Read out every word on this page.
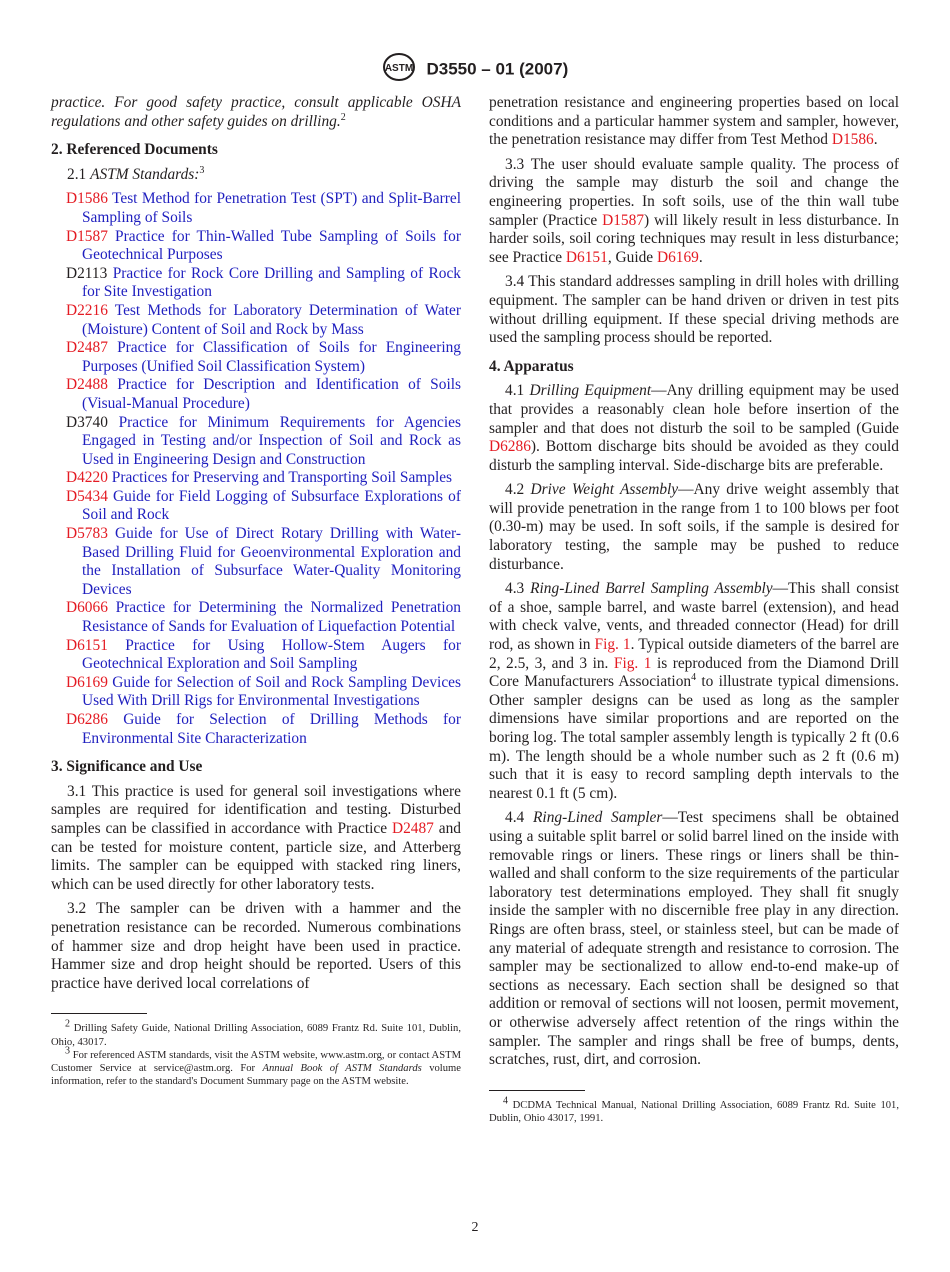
ASTM D3550 – 01 (2007)

practice. For good safety practice, consult applicable OSHA regulations and other safety guides on drilling.$^2$

2. Referenced Documents

2.1 ASTM Standards:$^3$

D1586 Test Method for Penetration Test (SPT) and Split-Barrel Sampling of Soils
D1587 Practice for Thin-Walled Tube Sampling of Soils for Geotechnical Purposes
D2113 Practice for Rock Core Drilling and Sampling of Rock for Site Investigation
D2216 Test Methods for Laboratory Determination of Water (Moisture) Content of Soil and Rock by Mass
D2487 Practice for Classification of Soils for Engineering Purposes (Unified Soil Classification System)
D2488 Practice for Description and Identification of Soils (Visual-Manual Procedure)
D3740 Practice for Minimum Requirements for Agencies Engaged in Testing and/or Inspection of Soil and Rock as Used in Engineering Design and Construction
D4220 Practices for Preserving and Transporting Soil Samples
D5434 Guide for Field Logging of Subsurface Explorations of Soil and Rock
D5783 Guide for Use of Direct Rotary Drilling with Water-Based Drilling Fluid for Geoenvironmental Exploration and the Installation of Subsurface Water-Quality Monitoring Devices
D6066 Practice for Determining the Normalized Penetration Resistance of Sands for Evaluation of Liquefaction Potential
D6151 Practice for Using Hollow-Stem Augers for Geotechnical Exploration and Soil Sampling
D6169 Guide for Selection of Soil and Rock Sampling Devices Used With Drill Rigs for Environmental Investigations
D6286 Guide for Selection of Drilling Methods for Environmental Site Characterization
3. Significance and Use

3.1 This practice is used for general soil investigations where samples are required for identification and testing. Disturbed samples can be classified in accordance with Practice D2487 and can be tested for moisture content, particle size, and Atterberg limits. The sampler can be equipped with stacked ring liners, which can be used directly for other laboratory tests.

3.2 The sampler can be driven with a hammer and the penetration resistance can be recorded. Numerous combinations of hammer size and drop height have been used in practice. Hammer size and drop height should be reported. Users of this practice have derived local correlations of

$^2$ Drilling Safety Guide, National Drilling Association, 6089 Frantz Rd. Suite 101, Dublin, Ohio, 43017.

$^3$ For referenced ASTM standards, visit the ASTM website, www.astm.org, or contact ASTM Customer Service at service@astm.org. For Annual Book of ASTM Standards volume information, refer to the standard's Document Summary page on the ASTM website.

penetration resistance and engineering properties based on local conditions and a particular hammer system and sampler, however, the penetration resistance may differ from Test Method D1586.

3.3 The user should evaluate sample quality. The process of driving the sample may disturb the soil and change the engineering properties. In soft soils, use of the thin wall tube sampler (Practice D1587) will likely result in less disturbance. In harder soils, soil coring techniques may result in less disturbance; see Practice D6151, Guide D6169.

3.4 This standard addresses sampling in drill holes with drilling equipment. The sampler can be hand driven or driven in test pits without drilling equipment. If these special driving methods are used the sampling process should be reported.

4. Apparatus

4.1 Drilling Equipment—Any drilling equipment may be used that provides a reasonably clean hole before insertion of the sampler and that does not disturb the soil to be sampled (Guide D6286). Bottom discharge bits should be avoided as they could disturb the sampling interval. Side-discharge bits are preferable.

4.2 Drive Weight Assembly—Any drive weight assembly that will provide penetration in the range from 1 to 100 blows per foot (0.30-m) may be used. In soft soils, if the sample is desired for laboratory testing, the sample may be pushed to reduce disturbance.

4.3 Ring-Lined Barrel Sampling Assembly—This shall consist of a shoe, sample barrel, and waste barrel (extension), and head with check valve, vents, and threaded connector (Head) for drill rod, as shown in Fig. 1. Typical outside diameters of the barrel are 2, 2.5, 3, and 3 in. Fig. 1 is reproduced from the Diamond Drill Core Manufacturers Association$^4$ to illustrate typical dimensions. Other sampler designs can be used as long as the sampler dimensions have similar proportions and are reported on the boring log. The total sampler assembly length is typically 2 ft (0.6 m). The length should be a whole number such as 2 ft (0.6 m) such that it is easy to record sampling depth intervals to the nearest 0.1 ft (5 cm).

4.4 Ring-Lined Sampler—Test specimens shall be obtained using a suitable split barrel or solid barrel lined on the inside with removable rings or liners. These rings or liners shall be thin-walled and shall conform to the size requirements of the particular laboratory test determinations employed. They shall fit snugly inside the sampler with no discernible free play in any direction. Rings are often brass, steel, or stainless steel, but can be made of any material of adequate strength and resistance to corrosion. The sampler may be sectionalized to allow end-to-end make-up of sections as necessary. Each section shall be designed so that addition or removal of sections will not loosen, permit movement, or otherwise adversely affect retention of the rings within the sampler. The sampler and rings shall be free of bumps, dents, scratches, rust, dirt, and corrosion.

$^4$ DCDMA Technical Manual, National Drilling Association, 6089 Frantz Rd. Suite 101, Dublin, Ohio 43017, 1991.

2
